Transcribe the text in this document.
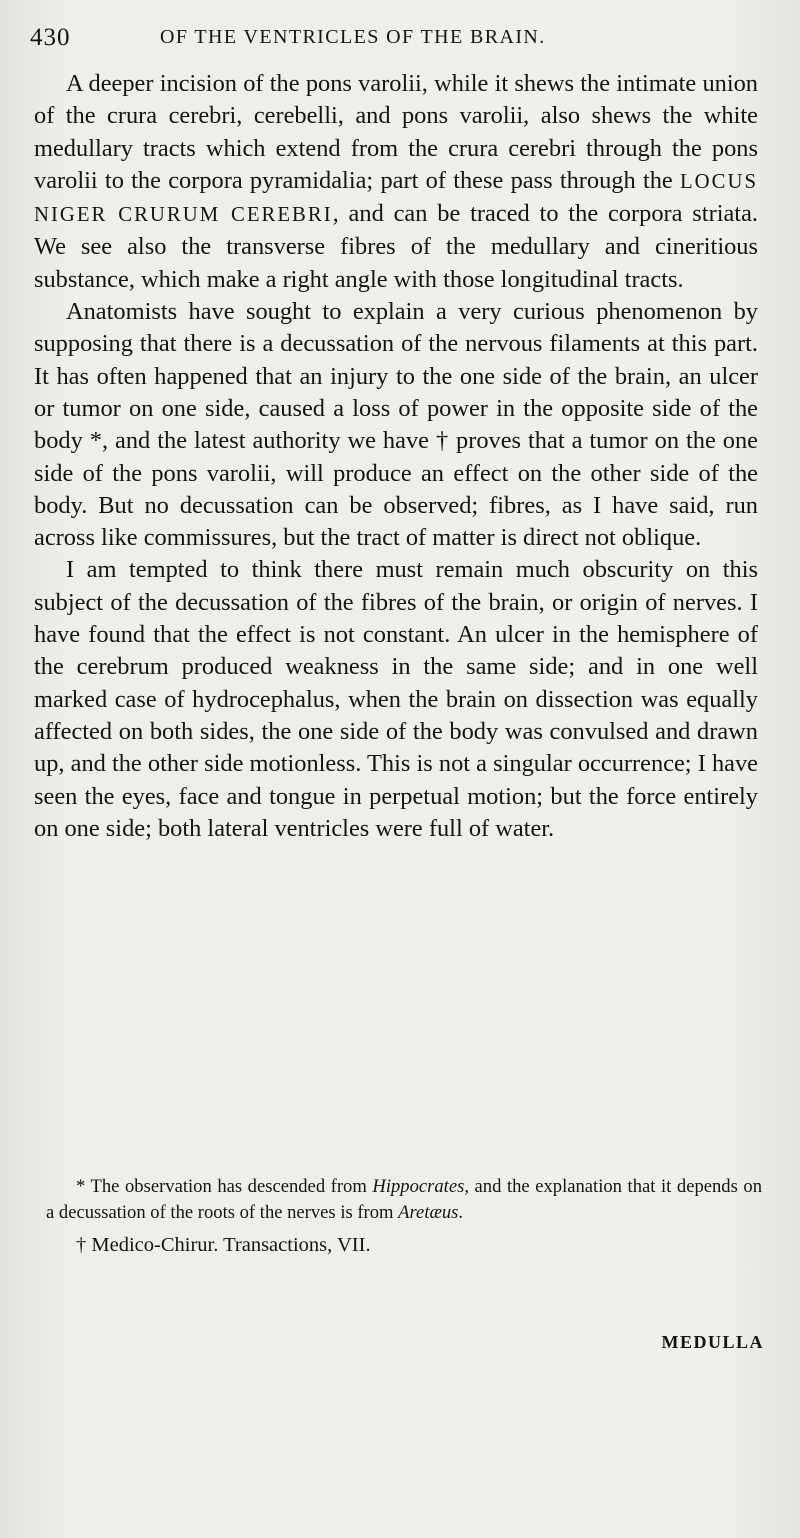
430	OF THE VENTRICLES OF THE BRAIN.

A deeper incision of the pons varolii, while it shews the intimate union of the crura cerebri, cerebelli, and pons varolii, also shews the white medullary tracts which extend from the crura cerebri through the pons varolii to the corpora pyramidalia; part of these pass through the LOCUS NIGER CRURUM CEREBRI, and can be traced to the corpora striata. We see also the transverse fibres of the medullary and cineritious substance, which make a right angle with those longitudinal tracts.

Anatomists have sought to explain a very curious phenomenon by supposing that there is a decussation of the nervous filaments at this part. It has often happened that an injury to the one side of the brain, an ulcer or tumor on one side, caused a loss of power in the opposite side of the body *, and the latest authority we have † proves that a tumor on the one side of the pons varolii, will produce an effect on the other side of the body. But no decussation can be observed; fibres, as I have said, run across like commissures, but the tract of matter is direct not oblique.

I am tempted to think there must remain much obscurity on this subject of the decussation of the fibres of the brain, or origin of nerves. I have found that the effect is not constant. An ulcer in the hemisphere of the cerebrum produced weakness in the same side; and in one well marked case of hydrocephalus, when the brain on dissection was equally affected on both sides, the one side of the body was convulsed and drawn up, and the other side motionless. This is not a singular occurrence; I have seen the eyes, face and tongue in perpetual motion; but the force entirely on one side; both lateral ventricles were full of water.

* The observation has descended from Hippocrates, and the explanation that it depends on a decussation of the roots of the nerves is from Aretæus.

† Medico-Chirur. Transactions, VII.

MEDULLA
